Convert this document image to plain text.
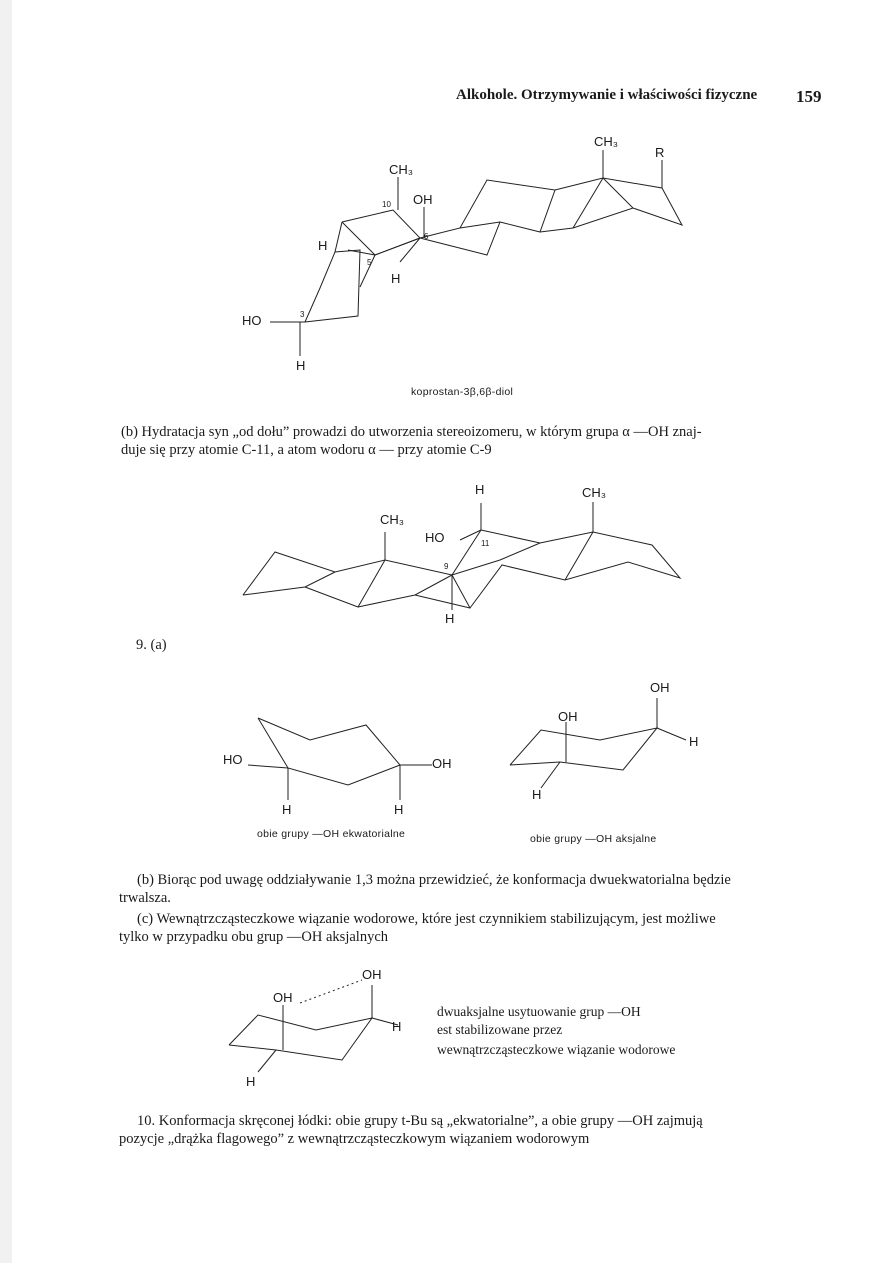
Alkohole. Otrzymywanie i właściwości fizyczne 159
CH₃
CH₃
R
OH
H
H
HO
H
10
6
5
3
koprostan-3β,6β-diol
(b) Hydratacja syn „od dołu” prowadzi do utworzenia stereoizomeru, w którym grupa α —OH znaj-
duje się przy atomie C-11, a atom wodoru α — przy atomie C-9
H	CH₃
CH₃
HO	11
9
H
9. (a)
HO	OH
H	H
obie grupy —OH ekwatorialne
OH
OH
H
H
obie grupy —OH aksjalne
(b) Biorąc pod uwagę oddziaływanie 1,3 można przewidzieć, że konformacja dwuekwatorialna będzie
trwalsza.
(c) Wewnątrzcząsteczkowe wiązanie wodorowe, które jest czynnikiem stabilizującym, jest możliwe
tylko w przypadku obu grup —OH aksjalnych
OH
OH
H
H
dwuaksjalne usytuowanie grup —OH
est stabilizowane przez
wewnątrzcząsteczkowe wiązanie wodorowe
10. Konformacja skręconej łódki: obie grupy t-Bu są „ekwatorialne”, a obie grupy —OH zajmują
pozycje „drążka flagowego” z wewnątrzcząsteczkowym wiązaniem wodorowym
